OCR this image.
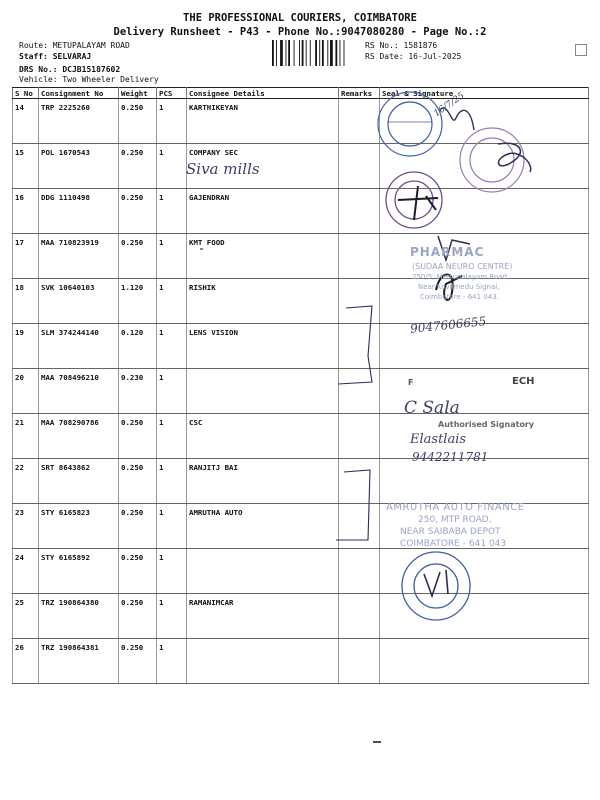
THE PROFESSIONAL COURIERS, COIMBATORE
Delivery Runsheet - P43 - Phone No.:9047080280 - Page No.:2
Route: METUPALAYAM ROAD
Staff: SELVARAJ
DRS No.: DCJB15187602
Vehicle: Two Wheeler Delivery
RS No.: 1581876
RS Date: 16-Jul-2025
S No	Consignment No	Weight	PCS	Consignee Details	Remarks	Seal & Signature
14	TRP 2225260	0.250	1	KARTHIKEYAN		
15	POL 1670543	0.250	1	COMPANY SEC		
16	DDG 1110498	0.250	1	GAJENDRAN		
17	MAA 710823919	0.250	1	KMT FOOD		
18	SVK 10640103	1.120	1	RISHIK		
19	SLM 374244140	0.120	1	LENS VISION		
20	MAA 708496210	0.230	1			
21	MAA 708290786	0.250	1	CSC		
22	SRT 8643862	0.250	1	RANJITJ BAI		
23	STY 6165823	0.250	1	AMRUTHA AUTO		
24	STY 6165892	0.250	1			
25	TRZ 190864380	0.250	1	RAMANIMCAR		
26	TRZ 190864381	0.250	1			
Siva mills
16/7/25
9047606655
C Sala
Elastlais
9442211781
PHARMAC
(SUDAA NEURO CENTRE)
250/5, Mettupalayam Road
Near Kovilmedu Signal,
Coimbatore - 641 043.
F	ECH
Authorised Signatory
AMRUTHA AUTO FINANCE
250, MTP ROAD,
NEAR SAIBABA DEPOT
COIMBATORE - 641 043
